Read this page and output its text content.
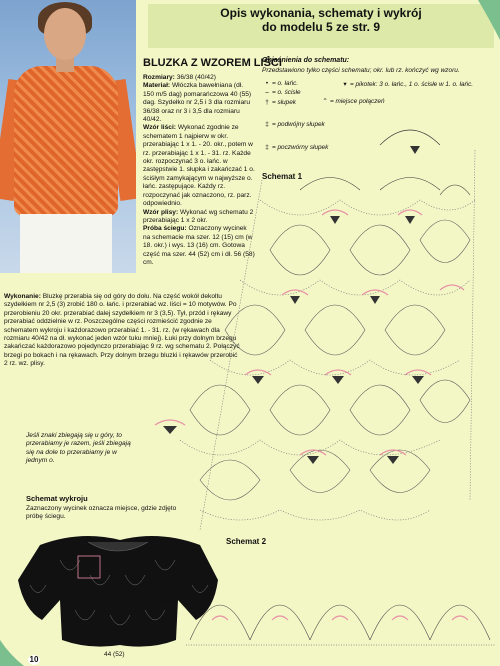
Opis wykonania, schematy i wykrój
do modelu 5 ze str. 9
BLUZKA Z WZOREM LIŚCI
Rozmiary: 36/38 (40/42)
Materiał: Włóczka bawełniana (dł. 150 m/5 dag) pomarańczowa 40 (55) dag. Szydełko nr 2,5 i 3 dla rozmiaru 36/38 oraz nr 3 i 3,5 dla rozmiaru 40/42.
Wzór liści: Wykonać zgodnie ze schematem 1 najpierw w okr. przerabiając 1 x 1. - 20. okr., potem w rz. przerabiając 1 x 1. - 31. rz. Każde okr. rozpoczynać 3 o. łańc. w zastępstwie 1. słupka i zakańczać 1 o. ściśłym zamykającym w najwyższe o. łańc. zastępujące. Każdy rz. rozpoczynać jak oznaczono, rz. parz. odpowiednio.
Wzór plisy: Wykonać wg schematu 2 przerabiając 1 x 2 okr.
Próba ściegu: Oznaczony wycinek na schemacie ma szer. 12 (15) cm (w 18. okr.) i wys. 13 (16) cm. Gotowa część ma szer. 44 (52) cm i dł. 56 (58) cm.
Wykonanie: Bluzkę przerabia się od góry do dołu. Na część wokół dekoltu szydełkiem nr 2,5 (3) zrobić 180 o. łańc. i przerabiać wz. liści = 10 motywów. Po przerobieniu 20 okr. przerabiać dalej szydełkiem nr 3 (3,5). Tył, przód i rękawy przerabiać oddzielnie w rz. Poszczególne części rozmieścić zgodnie ze schematem wykroju i każdorazowo przerabiać 1. - 31. rz. (w rękawach dla rozmiaru 40/42 na dł. wykonać jeden wzór tuku mniej). Łuki przy dolnym brzegu zakańczać każdorazowo pojedynczo przerabiając 9 rz. wg schematu 2. Połączyć brzegi po bokach i na rękawach. Przy dolnym brzegu bluzki i rękawów przerobić 2 rz. wz. plisy.
Jeśli znaki zbiegają się u góry, to przerabiamy je razem, jeśli zbiegają się na dole to przerabiamy je w jednym o.
Schemat wykroju
Zaznaczony wycinek oznacza miejsce, gdzie zdjęto próbę ściegu.
Objaśnienia do schematu:
Przedstawiono tylko części schematu; okr. lub rz. kończyć wg wzoru.
• = o. łańc.	▾ = pikotek: 3 o. łańc., 1 o. ścisłe w 1. o. łańc.
⌢ = o. ścisłe
⌃ = miejsce połączeń
† = słupek
‡ = podwójny słupek
‡ = poczwórny słupek
Schemat 1
Schemat 2
59
(58)
44 (52)
10
